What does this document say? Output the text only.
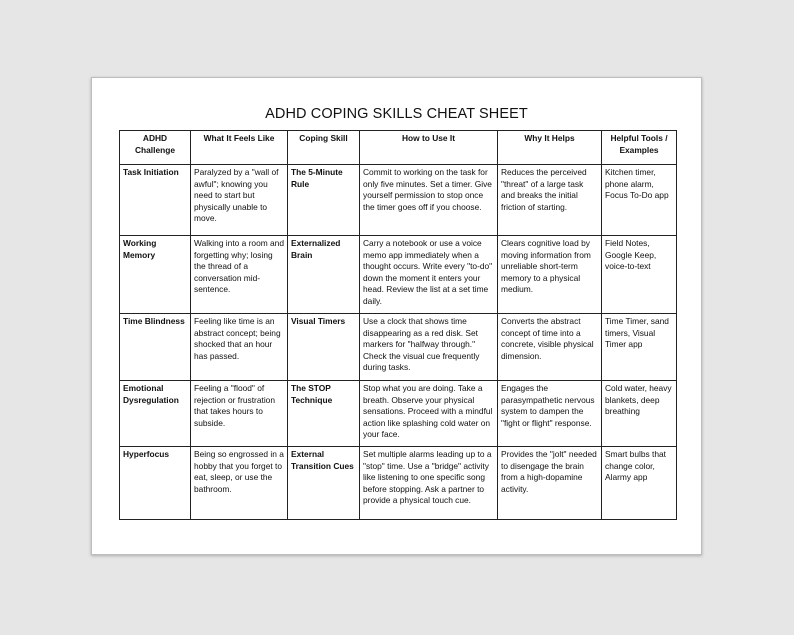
ADHD COPING SKILLS CHEAT SHEET
ADHD Challenge	What It Feels Like	Coping Skill	How to Use It	Why It Helps	Helpful Tools / Examples
Task Initiation	Paralyzed by a "wall of awful"; knowing you need to start but physically unable to move.	The 5-Minute Rule	Commit to working on the task for only five minutes. Set a timer. Give yourself permission to stop once the timer goes off if you choose.	Reduces the perceived "threat" of a large task and breaks the initial friction of starting.	Kitchen timer, phone alarm, Focus To-Do app
Working Memory	Walking into a room and forgetting why; losing the thread of a conversation mid-sentence.	Externalized Brain	Carry a notebook or use a voice memo app immediately when a thought occurs. Write every "to-do" down the moment it enters your head. Review the list at a set time daily.	Clears cognitive load by moving information from unreliable short-term memory to a physical medium.	Field Notes, Google Keep, voice-to-text
Time Blindness	Feeling like time is an abstract concept; being shocked that an hour has passed.	Visual Timers	Use a clock that shows time disappearing as a red disk. Set markers for "halfway through." Check the visual cue frequently during tasks.	Converts the abstract concept of time into a concrete, visible physical dimension.	Time Timer, sand timers, Visual Timer app
Emotional Dysregulation	Feeling a "flood" of rejection or frustration that takes hours to subside.	The STOP Technique	Stop what you are doing. Take a breath. Observe your physical sensations. Proceed with a mindful action like splashing cold water on your face.	Engages the parasympathetic nervous system to dampen the "fight or flight" response.	Cold water, heavy blankets, deep breathing
Hyperfocus	Being so engrossed in a hobby that you forget to eat, sleep, or use the bathroom.	External Transition Cues	Set multiple alarms leading up to a "stop" time. Use a "bridge" activity like listening to one specific song before stopping. Ask a partner to provide a physical touch cue.	Provides the "jolt" needed to disengage the brain from a high-dopamine activity.	Smart bulbs that change color, Alarmy app
